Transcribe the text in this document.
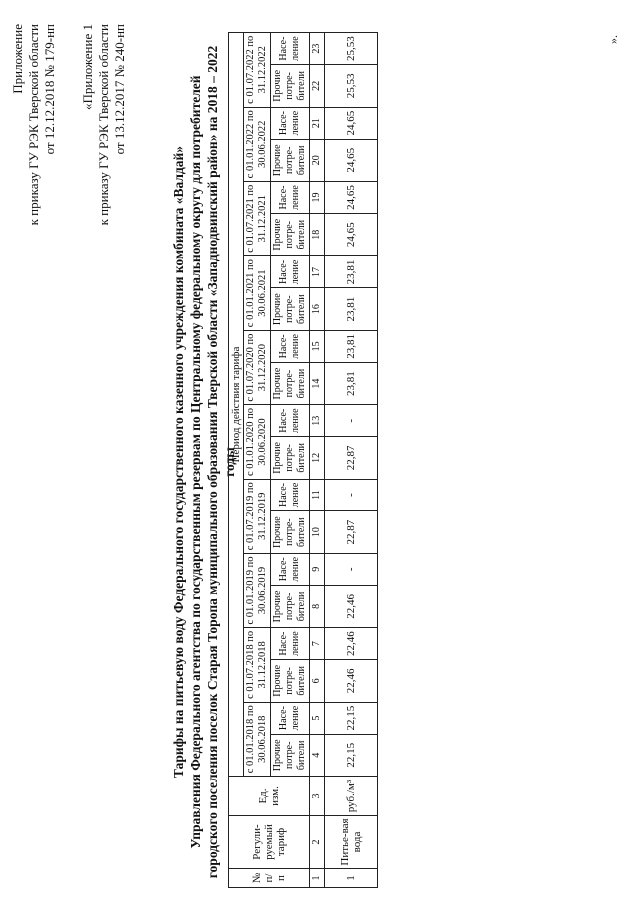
Приложение к приказу ГУ РЭК Тверской области от 12.12.2018 № 179-нп «Приложение 1 к приказу ГУ РЭК Тверской области от 13.12.2017 № 240-нп
Тарифы на питьевую воду Федерального государственного казенного учреждения комбината «Валдай» Управления Федерального агентства по государственным резервам по Центральному федеральному округу для потребителей городского поселения поселок Старая Торопа муниципального образования Тверской области «Западнодвинский район» на 2018 – 2022 годы
№ п/п	Регули-руемый тариф	Ед. изм.	Период действия тарифа																			
			с 01.01.2018 по 30.06.2018		с 01.07.2018 по 31.12.2018		с 01.01.2019 по 30.06.2019		с 01.07.2019 по 31.12.2019		с 01.01.2020 по 30.06.2020		с 01.07.2020 по 31.12.2020		с 01.01.2021 по 30.06.2021		с 01.07.2021 по 31.12.2021		с 01.01.2022 по 30.06.2022		с 01.07.2022 по 31.12.2022	
			Прочие потре-бители	Насе-ление	Прочие потре-бители	Насе-ление	Прочие потре-бители	Насе-ление	Прочие потре-бители	Насе-ление	Прочие потре-бители	Насе-ление	Прочие потре-бители	Насе-ление	Прочие потре-бители	Насе-ление	Прочие потре-бители	Насе-ление	Прочие потре-бители	Насе-ление	Прочие потре-бители	Насе-ление
1	2	3	4	5	6	7	8	9	10	11	12	13	14	15	16	17	18	19	20	21	22	23
1	Питье-вая вода	руб./м³	22,15	22,15	22,46	22,46	22,46	-	22,87	-	22,87	-	23,81	23,81	23,81	23,81	24,65	24,65	24,65	24,65	25,53	25,53	».
